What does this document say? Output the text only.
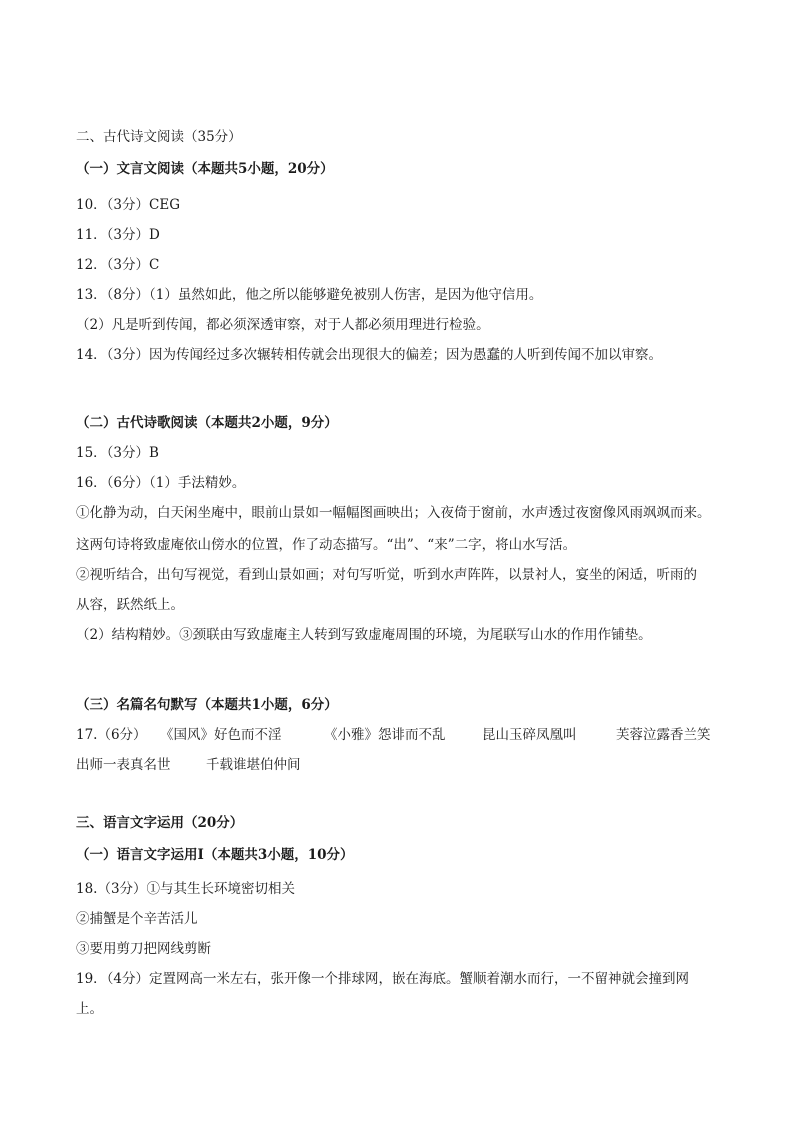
二、古代诗文阅读（35分）
（一）文言文阅读（本题共5小题，20分）
10．（3分）CEG
11．（3分）D
12．（3分）C
13．（8分）（1）虽然如此，他之所以能够避免被别人伤害，是因为他守信用。
（2）凡是听到传闻，都必须深透审察，对于人都必须用理进行检验。
14．（3分）因为传闻经过多次辗转相传就会出现很大的偏差；因为愚蠢的人听到传闻不加以审察。
（二）古代诗歌阅读（本题共2小题，9分）
15．（3分）B
16．（6分）（1）手法精妙。
①化静为动，白天闲坐庵中，眼前山景如一幅幅图画映出；入夜倚于窗前，水声透过夜窗像风雨飒飒而来。
这两句诗将致虚庵依山傍水的位置，作了动态描写。“出”、“来”二字，将山水写活。
②视听结合，出句写视觉，看到山景如画；对句写听觉，听到水声阵阵，以景衬人，宴坐的闲适，听雨的
从容，跃然纸上。
（2）结构精妙。③颈联由写致虚庵主人转到写致虚庵周围的环境，为尾联写山水的作用作铺垫。
（三）名篇名句默写（本题共1小题，6分）
17.（6分） 《国风》好色而不淫	《小雅》怨诽而不乱	昆山玉碎凤凰叫	芙蓉泣露香兰笑
出师一表真名世	千载谁堪伯仲间
三、语言文字运用（20分）
（一）语言文字运用Ⅰ（本题共3小题，10分）
18.（3分）①与其生长环境密切相关
②捕蟹是个辛苦活儿
③要用剪刀把网线剪断
19．（4分）定置网高一米左右，张开像一个排球网，嵌在海底。蟹顺着潮水而行，一不留神就会撞到网
上。
